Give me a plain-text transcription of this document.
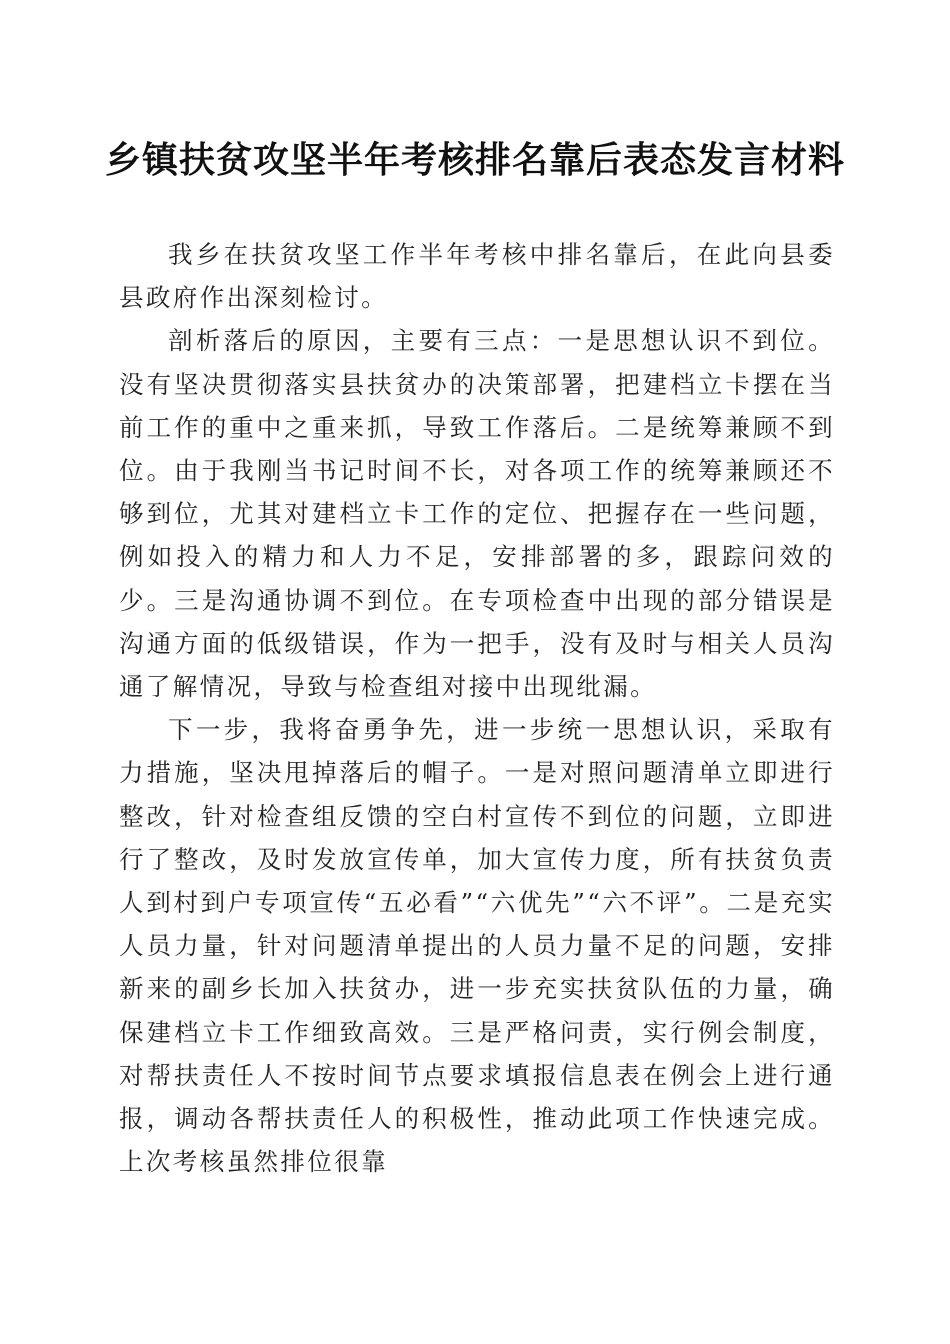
乡镇扶贫攻坚半年考核排名靠后表态发言材料

我乡在扶贫攻坚工作半年考核中排名靠后，在此向县委县政府作出深刻检讨。

剖析落后的原因，主要有三点：一是思想认识不到位。没有坚决贯彻落实县扶贫办的决策部署，把建档立卡摆在当前工作的重中之重来抓，导致工作落后。二是统筹兼顾不到位。由于我刚当书记时间不长，对各项工作的统筹兼顾还不够到位，尤其对建档立卡工作的定位、把握存在一些问题，例如投入的精力和人力不足，安排部署的多，跟踪问效的少。三是沟通协调不到位。在专项检查中出现的部分错误是沟通方面的低级错误，作为一把手，没有及时与相关人员沟通了解情况，导致与检查组对接中出现纰漏。

下一步，我将奋勇争先，进一步统一思想认识，采取有力措施，坚决甩掉落后的帽子。一是对照问题清单立即进行整改，针对检查组反馈的空白村宣传不到位的问题，立即进行了整改，及时发放宣传单，加大宣传力度，所有扶贫负责人到村到户专项宣传“五必看”“六优先”“六不评”。二是充实人员力量，针对问题清单提出的人员力量不足的问题，安排新来的副乡长加入扶贫办，进一步充实扶贫队伍的力量，确保建档立卡工作细致高效。三是严格问责，实行例会制度，对帮扶责任人不按时间节点要求填报信息表在例会上进行通报，调动各帮扶责任人的积极性，推动此项工作快速完成。上次考核虽然排位很靠
